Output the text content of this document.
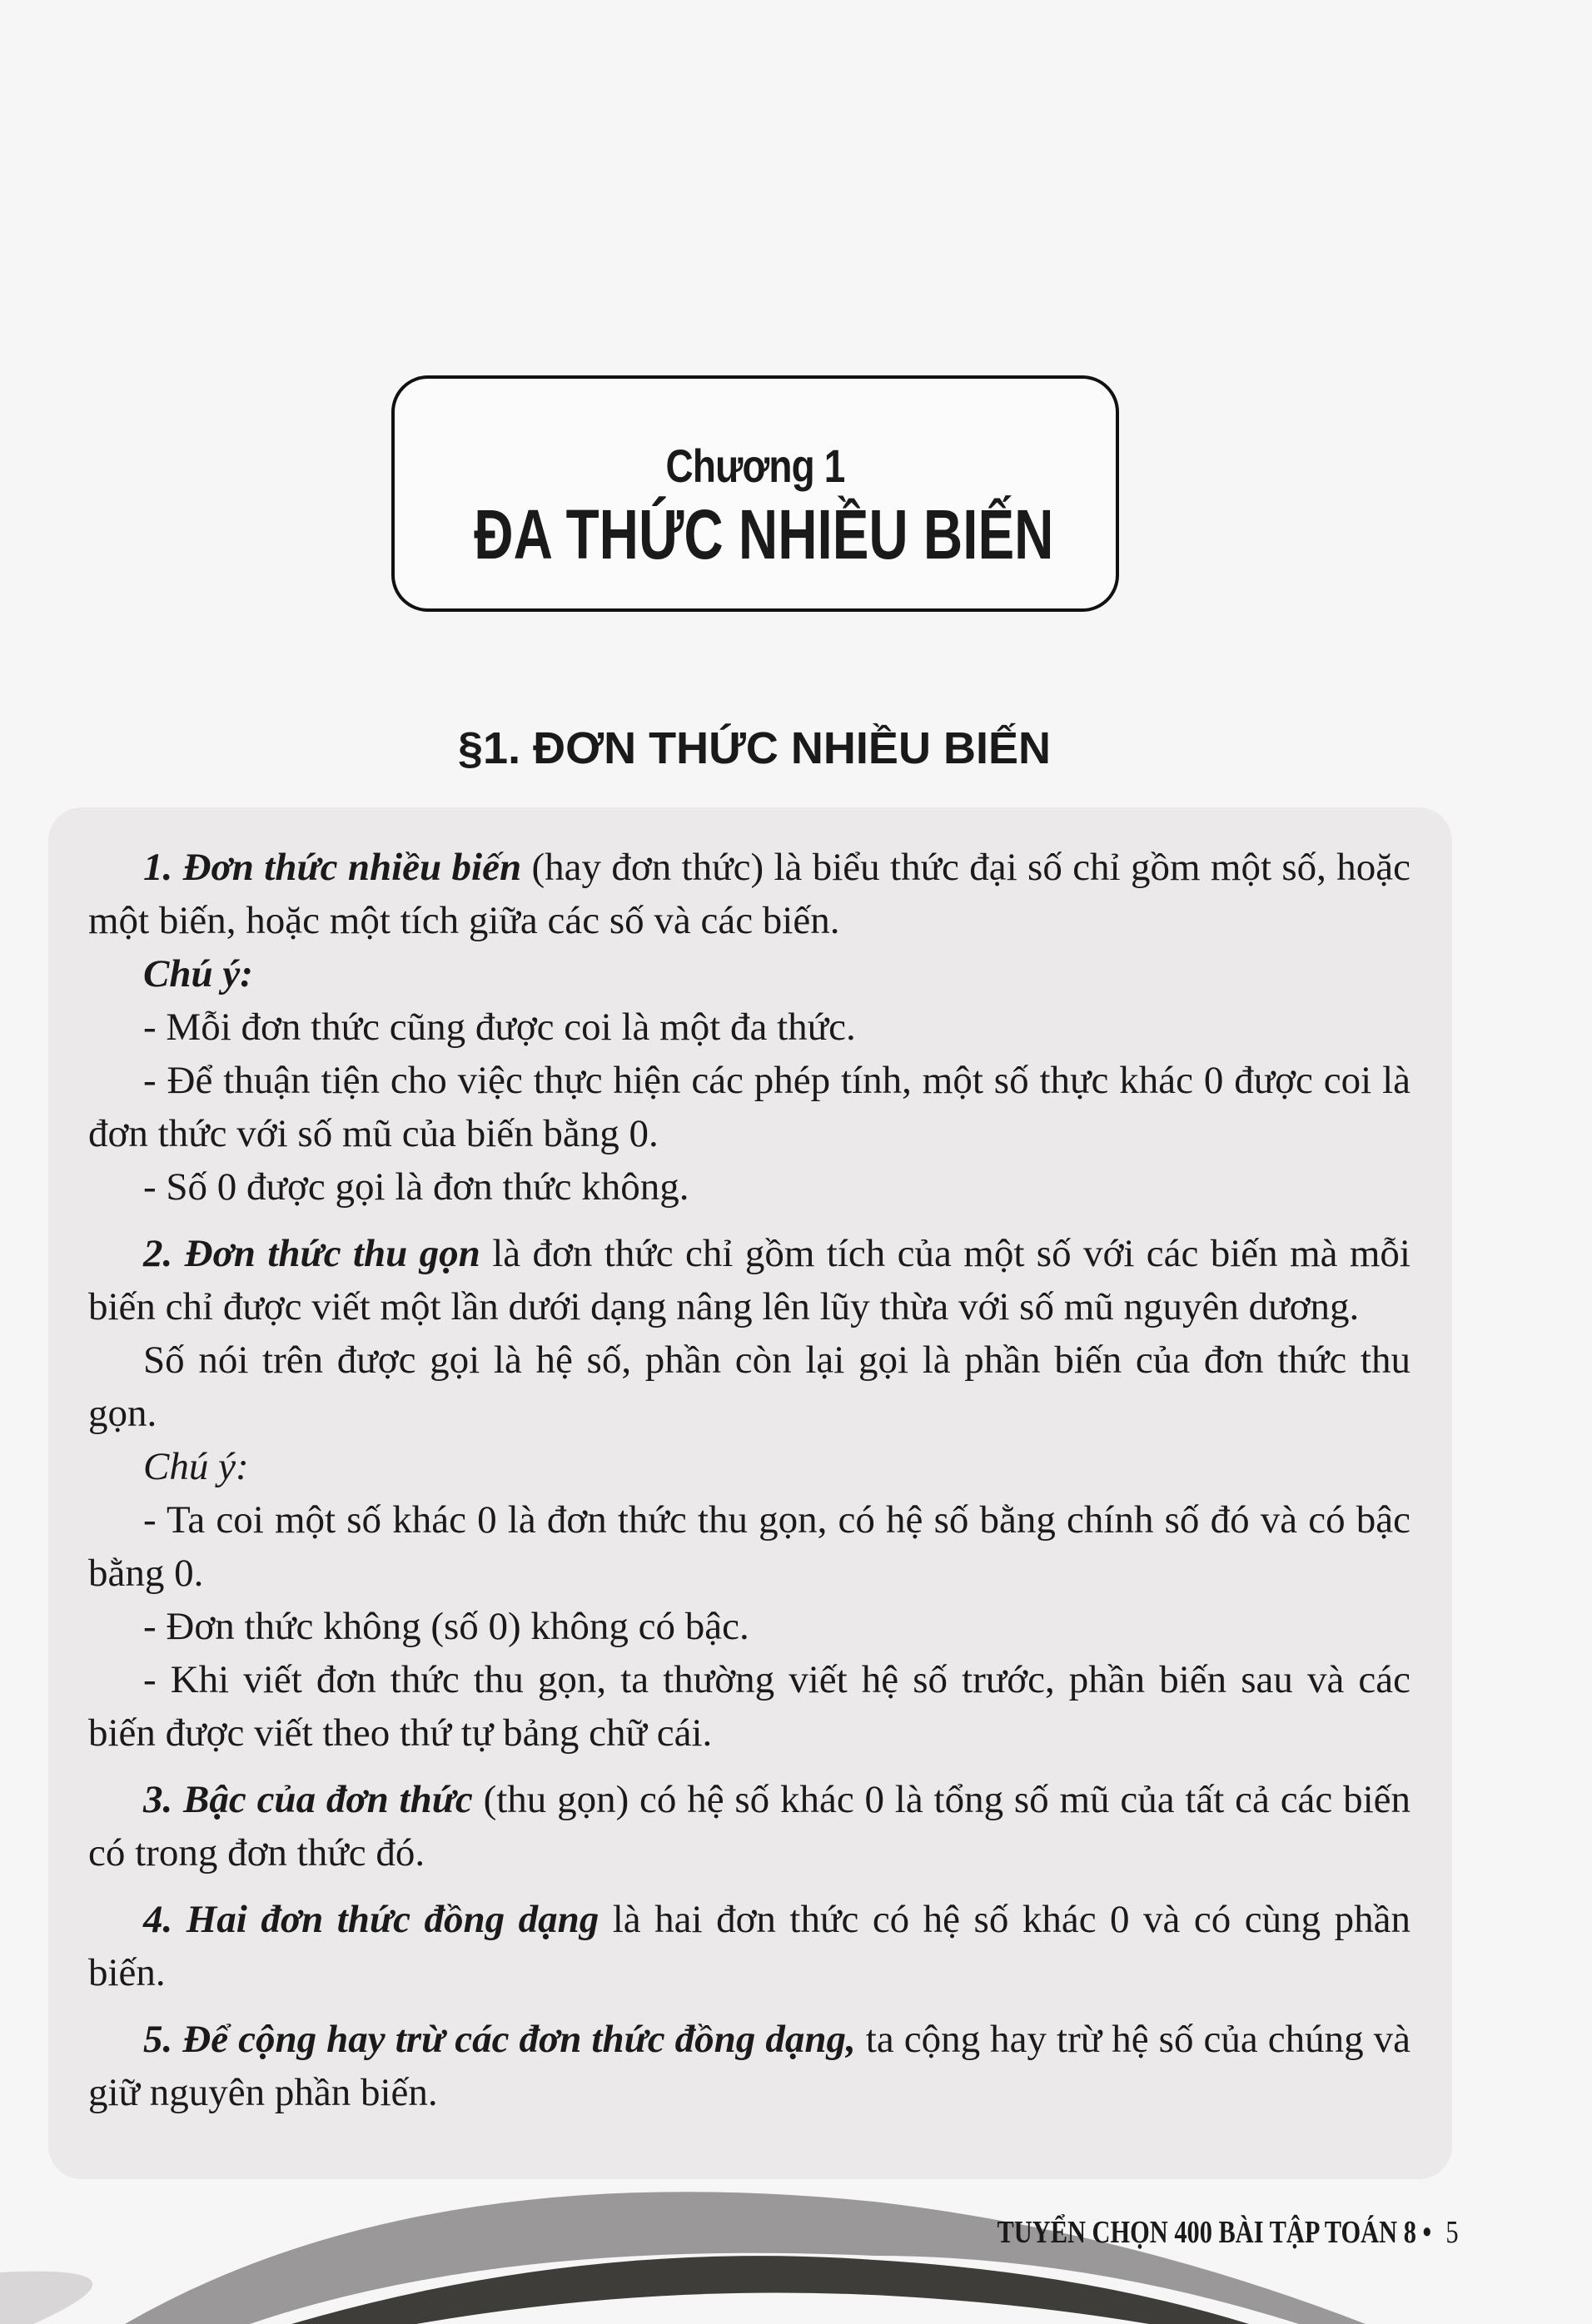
Chương 1
ĐA THỨC NHIỀU BIẾN
§1. ĐƠN THỨC NHIỀU BIẾN

1. Đơn thức nhiều biến (hay đơn thức) là biểu thức đại số chỉ gồm một số, hoặc một biến, hoặc một tích giữa các số và các biến.

Chú ý:

- Mỗi đơn thức cũng được coi là một đa thức.

- Để thuận tiện cho việc thực hiện các phép tính, một số thực khác 0 được coi là đơn thức với số mũ của biến bằng 0.

- Số 0 được gọi là đơn thức không.

2. Đơn thức thu gọn là đơn thức chỉ gồm tích của một số với các biến mà mỗi biến chỉ được viết một lần dưới dạng nâng lên lũy thừa với số mũ nguyên dương.

Số nói trên được gọi là hệ số, phần còn lại gọi là phần biến của đơn thức thu gọn.

Chú ý:

- Ta coi một số khác 0 là đơn thức thu gọn, có hệ số bằng chính số đó và có bậc bằng 0.

- Đơn thức không (số 0) không có bậc.

- Khi viết đơn thức thu gọn, ta thường viết hệ số trước, phần biến sau và các biến được viết theo thứ tự bảng chữ cái.

3. Bậc của đơn thức (thu gọn) có hệ số khác 0 là tổng số mũ của tất cả các biến có trong đơn thức đó.

4. Hai đơn thức đồng dạng là hai đơn thức có hệ số khác 0 và có cùng phần biến.

5. Để cộng hay trừ các đơn thức đồng dạng, ta cộng hay trừ hệ số của chúng và giữ nguyên phần biến.

TUYỂN CHỌN 400 BÀI TẬP TOÁN 8 • 5
